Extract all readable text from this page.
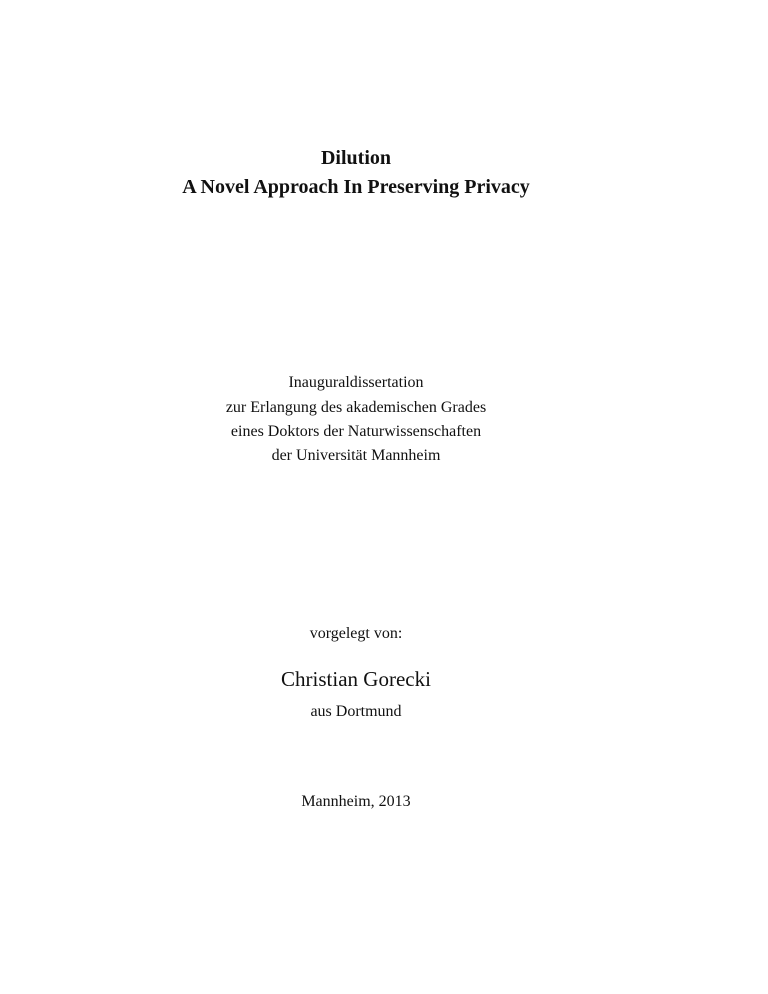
Dilution
A Novel Approach In Preserving Privacy
Inauguraldissertation
zur Erlangung des akademischen Grades
eines Doktors der Naturwissenschaften
der Universität Mannheim
vorgelegt von:
Christian Gorecki
aus Dortmund
Mannheim, 2013
